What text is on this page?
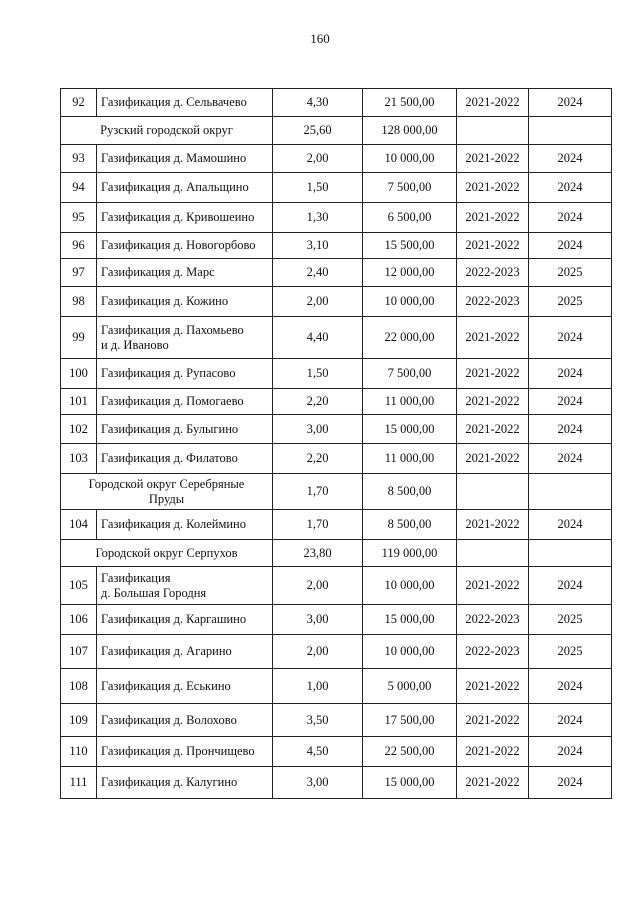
160
92	Газификация д. Сельвачево	4,30	21 500,00	2021-2022	2024
Рузский городской округ		25,60	128 000,00		
93	Газификация д. Мамошино	2,00	10 000,00	2021-2022	2024
94	Газификация д. Апальщино	1,50	7 500,00	2021-2022	2024
95	Газификация д. Кривошеино	1,30	6 500,00	2021-2022	2024
96	Газификация д. Новогорбово	3,10	15 500,00	2021-2022	2024
97	Газификация д. Марс	2,40	12 000,00	2022-2023	2025
98	Газификация д. Кожино	2,00	10 000,00	2022-2023	2025
99	Газификация д. Пахомьево
и д. Иваново	4,40	22 000,00	2021-2022	2024
100	Газификация д. Рупасово	1,50	7 500,00	2021-2022	2024
101	Газификация д. Помогаево	2,20	11 000,00	2021-2022	2024
102	Газификация д. Булыгино	3,00	15 000,00	2021-2022	2024
103	Газификация д. Филатово	2,20	11 000,00	2021-2022	2024
Городской округ Серебряные
Пруды		1,70	8 500,00		
104	Газификация д. Колеймино	1,70	8 500,00	2021-2022	2024
Городской округ Серпухов		23,80	119 000,00		
105	Газификация
д. Большая Городня	2,00	10 000,00	2021-2022	2024
106	Газификация д. Каргашино	3,00	15 000,00	2022-2023	2025
107	Газификация д. Агарино	2,00	10 000,00	2022-2023	2025
108	Газификация д. Еськино	1,00	5 000,00	2021-2022	2024
109	Газификация д. Волохово	3,50	17 500,00	2021-2022	2024
110	Газификация д. Прончищево	4,50	22 500,00	2021-2022	2024
111	Газификация д. Калугино	3,00	15 000,00	2021-2022	2024
